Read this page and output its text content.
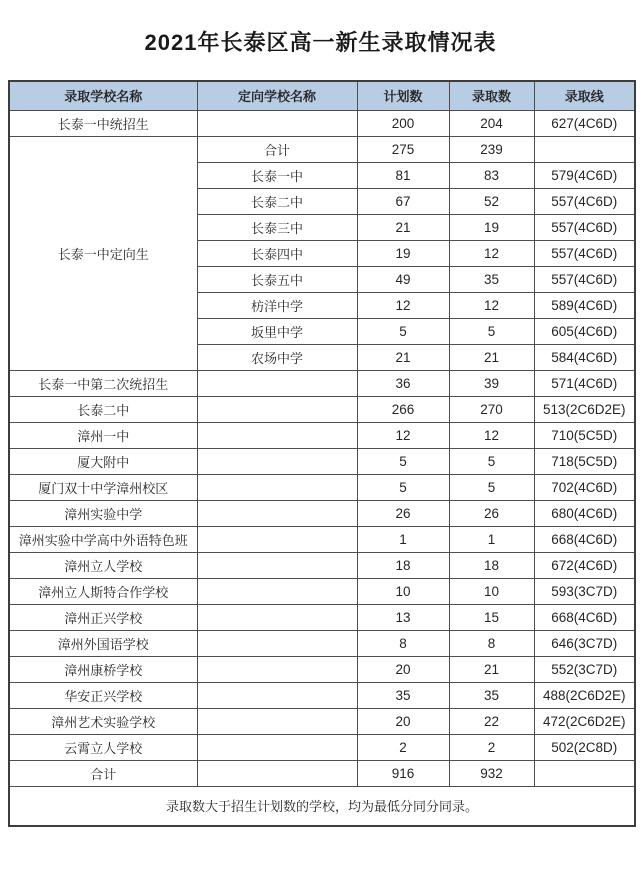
2021年长泰区高一新生录取情况表
录取学校名称	定向学校名称	计划数	录取数	录取线
长泰一中统招生		200	204	627(4C6D)
长泰一中定向生	合计	275	239	
	长泰一中	81	83	579(4C6D)
	长泰二中	67	52	557(4C6D)
	长泰三中	21	19	557(4C6D)
	长泰四中	19	12	557(4C6D)
	长泰五中	49	35	557(4C6D)
	枋洋中学	12	12	589(4C6D)
	坂里中学	5	5	605(4C6D)
	农场中学	21	21	584(4C6D)
长泰一中第二次统招生		36	39	571(4C6D)
长泰二中		266	270	513(2C6D2E)
漳州一中		12	12	710(5C5D)
厦大附中		5	5	718(5C5D)
厦门双十中学漳州校区		5	5	702(4C6D)
漳州实验中学		26	26	680(4C6D)
漳州实验中学高中外语特色班		1	1	668(4C6D)
漳州立人学校		18	18	672(4C6D)
漳州立人斯特合作学校		10	10	593(3C7D)
漳州正兴学校		13	15	668(4C6D)
漳州外国语学校		8	8	646(3C7D)
漳州康桥学校		20	21	552(3C7D)
华安正兴学校		35	35	488(2C6D2E)
漳州艺术实验学校		20	22	472(2C6D2E)
云霄立人学校		2	2	502(2C8D)
合计		916	932	
录取数大于招生计划数的学校，均为最低分同分同录。				
